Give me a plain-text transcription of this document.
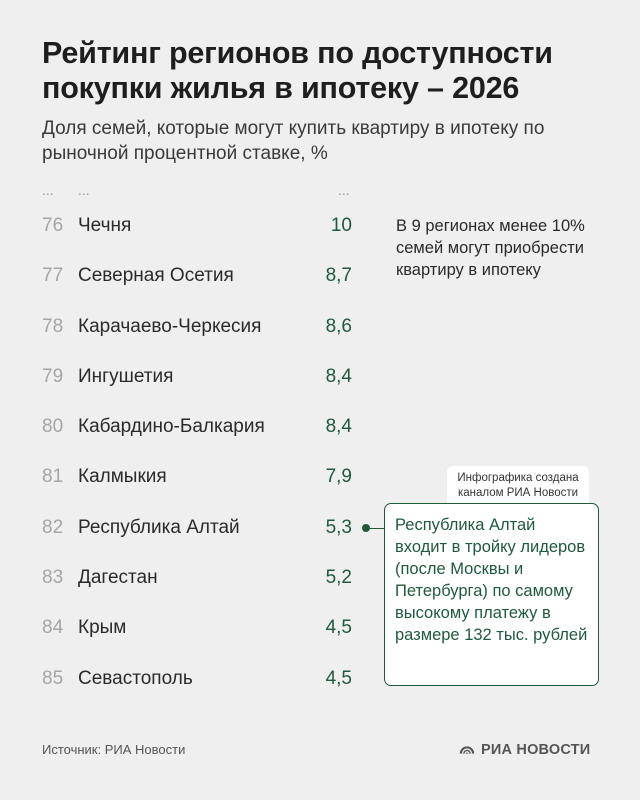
Рейтинг регионов по доступности покупки жилья в ипотеку – 2026

Доля семей, которые могут купить квартиру в ипотеку по рыночной процентной ставке, %

... ...	...
76 Чечня	10
77 Северная Осетия	8,7
78 Карачаево-Черкесия	8,6
79 Ингушетия	8,4
80 Кабардино-Балкария	8,4
81 Калмыкия	7,9
82 Республика Алтай	5,3
83 Дагестан	5,2
84 Крым	4,5
85 Севастополь	4,5

В 9 регионах менее 10% семей могут приобрести квартиру в ипотеку

Инфографика создана каналом РИА Новости
Республика Алтай входит в тройку лидеров (после Москвы и Петербурга) по самому высокому платежу в размере 132 тыс. рублей
Источник: РИА Новости	РИА НОВОСТИ
